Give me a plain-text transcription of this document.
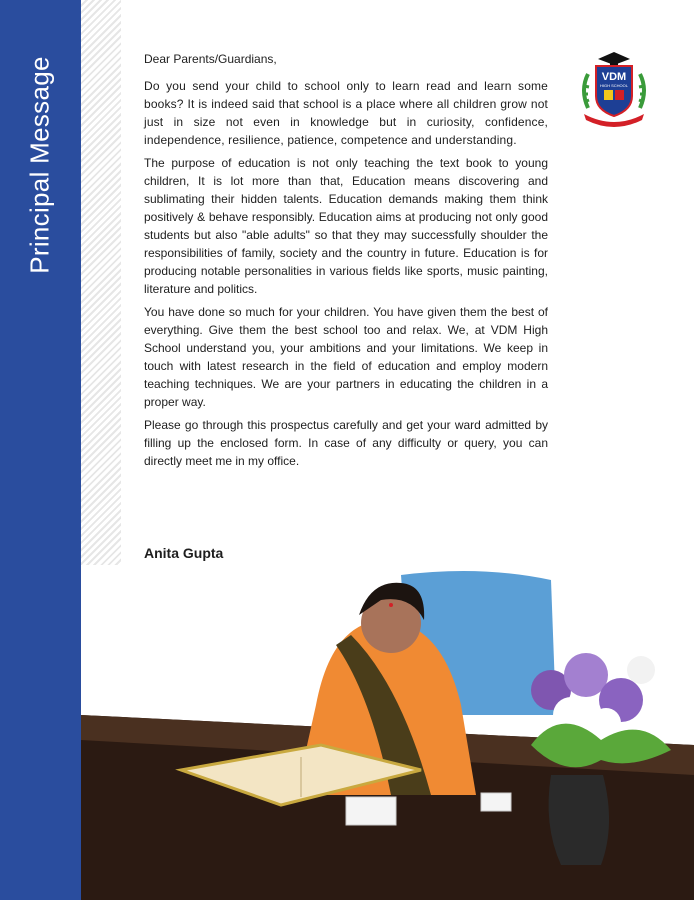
Principal Message	Dear Parents/Guardians,

Do you send your child to school only to learn read and learn some books? It is indeed said that school is a place where all children grow not just in size not even in knowledge but in curiosity, confidence, independence, resilience, patience, competence and understanding.

The purpose of education is not only teaching the text book to young children, It is lot more than that, Education means discovering and sublimating their hidden talents. Education demands making them think positively & behave responsibly. Education aims at producing not only good students but also "able adults" so that they may successfully shoulder the responsibilities of family, society and the country in future. Education is for producing notable personalities in various fields like sports, music painting, literature and politics.

You have done so much for your children. You have given them the best of everything. Give them the best school too and relax. We, at VDM High School understand you, your ambitions and your limitations. We keep in touch with latest research in the field of education and employ modern teaching techniques. We are your partners in educating the children in a proper way.

Please go through this prospectus carefully and get your ward admitted by filling up the enclosed form. In case of any difficulty or query, you can directly meet me in my office.

VDM
HIGH SCHOOL
Anita Gupta
